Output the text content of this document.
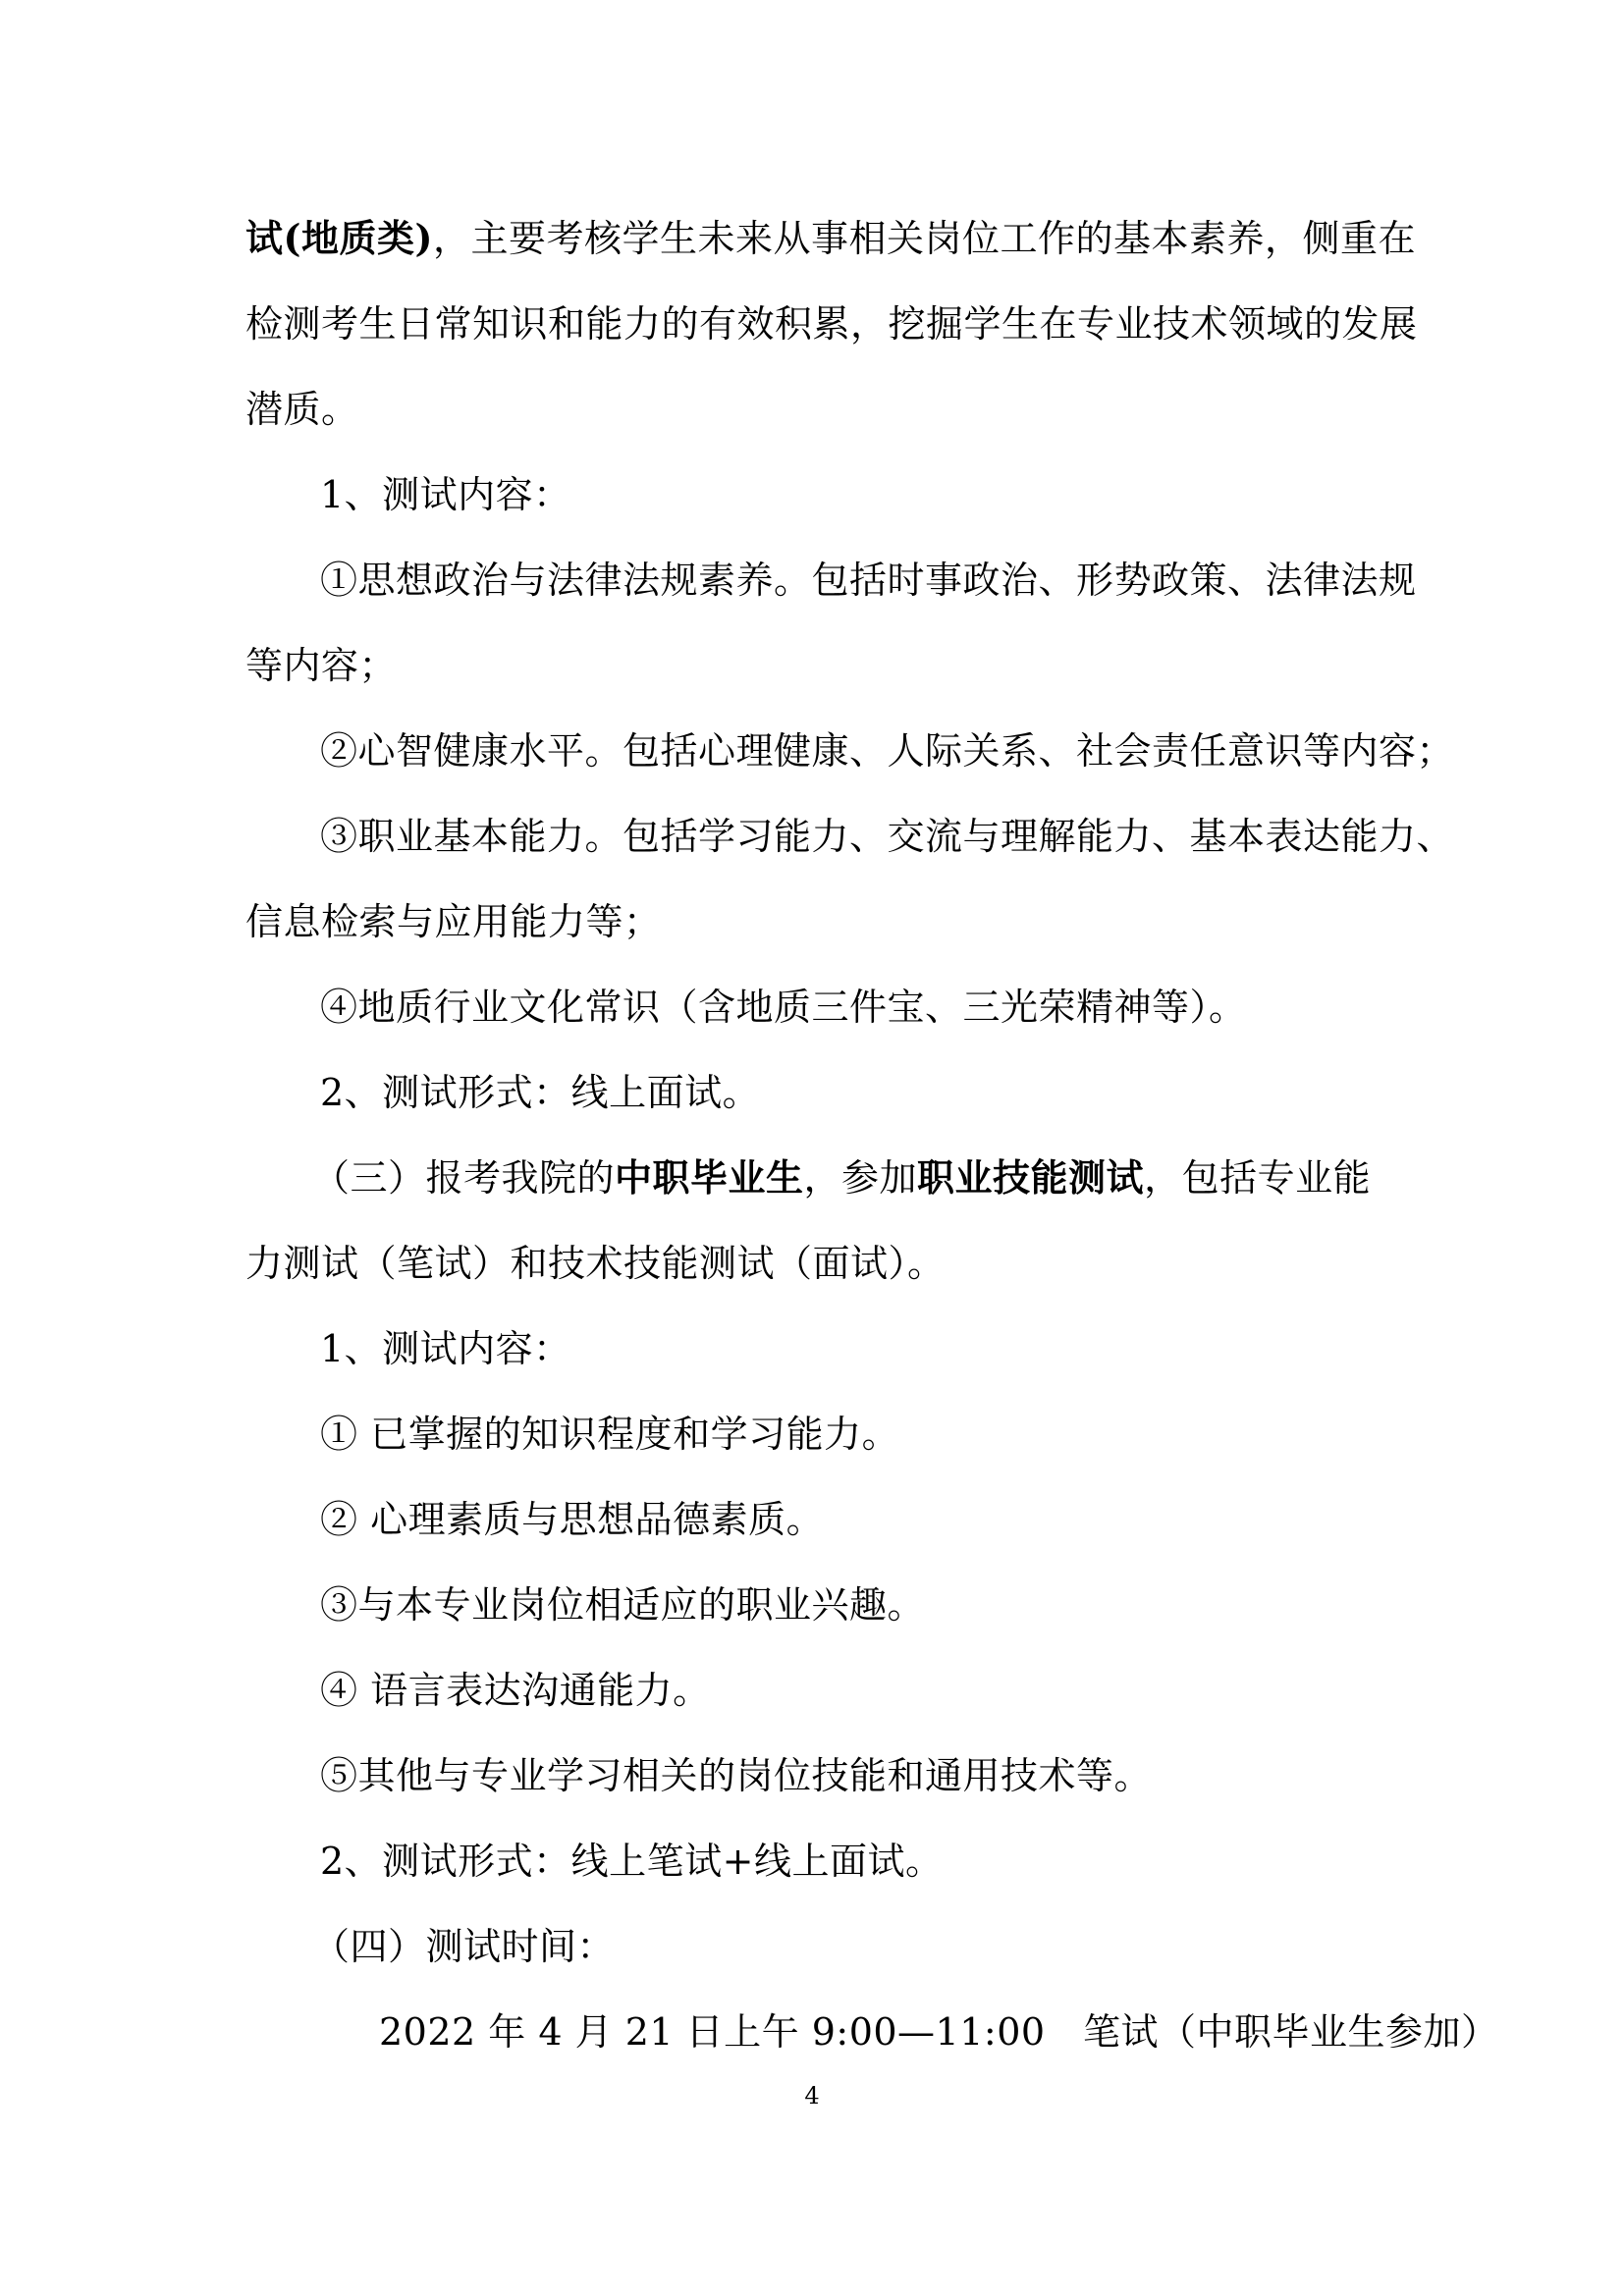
试(地质类)，主要考核学生未来从事相关岗位工作的基本素养，侧重在
检测考生日常知识和能力的有效积累，挖掘学生在专业技术领域的发展
潜质。
1、测试内容：
①思想政治与法律法规素养。包括时事政治、形势政策、法律法规
等内容；
②心智健康水平。包括心理健康、人际关系、社会责任意识等内容；
③职业基本能力。包括学习能力、交流与理解能力、基本表达能力、
信息检索与应用能力等；
④地质行业文化常识（含地质三件宝、三光荣精神等）。
2、测试形式：线上面试。
（三）报考我院的中职毕业生，参加职业技能测试，包括专业能
力测试（笔试）和技术技能测试（面试）。
1、测试内容：
① 已掌握的知识程度和学习能力。
② 心理素质与思想品德素质。
③与本专业岗位相适应的职业兴趣。
④ 语言表达沟通能力。
⑤其他与专业学习相关的岗位技能和通用技术等。
2、测试形式：线上笔试+线上面试。
（四）测试时间：
2022 年 4 月 21 日上午 9:00—11:00　笔试（中职毕业生参加）
4
